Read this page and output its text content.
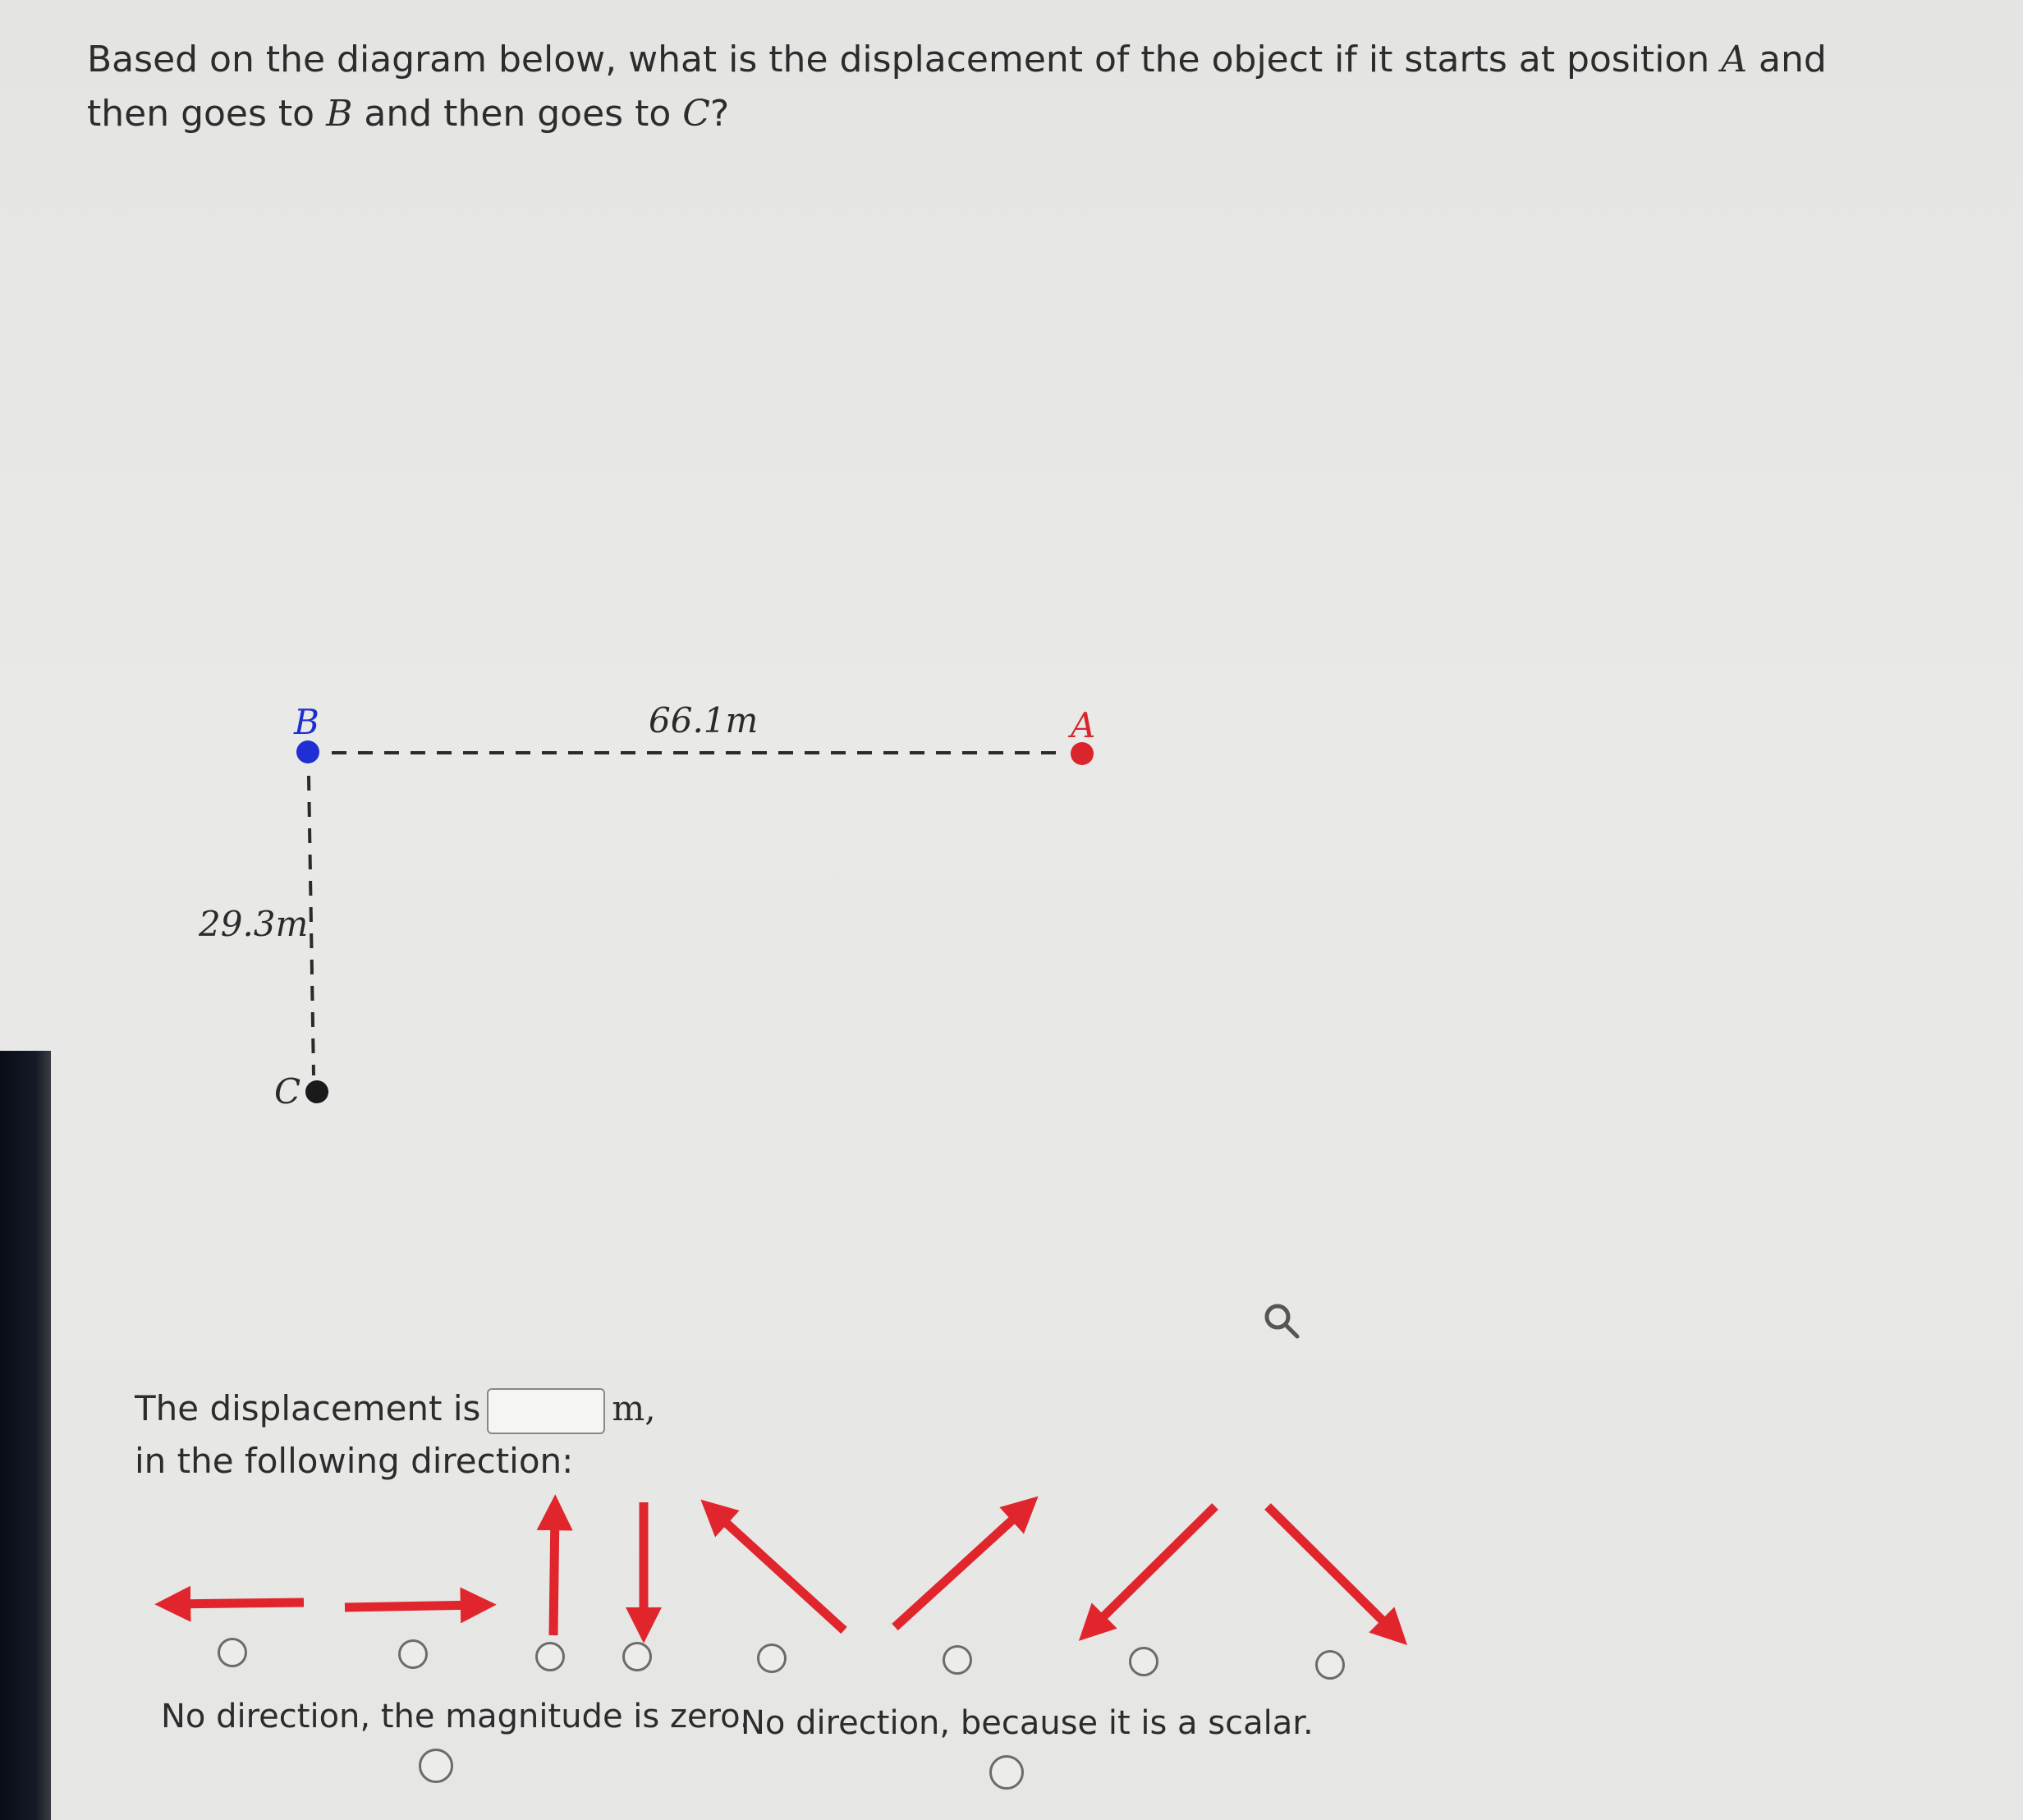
Based on the diagram below, what is the displacement of the object if it starts at position A and then goes to B and then goes to C?
B	A
C
66.1m
29.3m
The displacement is	m,
in the following direction:
No direction, the magnitude is zero.
No direction, because it is a scalar.
